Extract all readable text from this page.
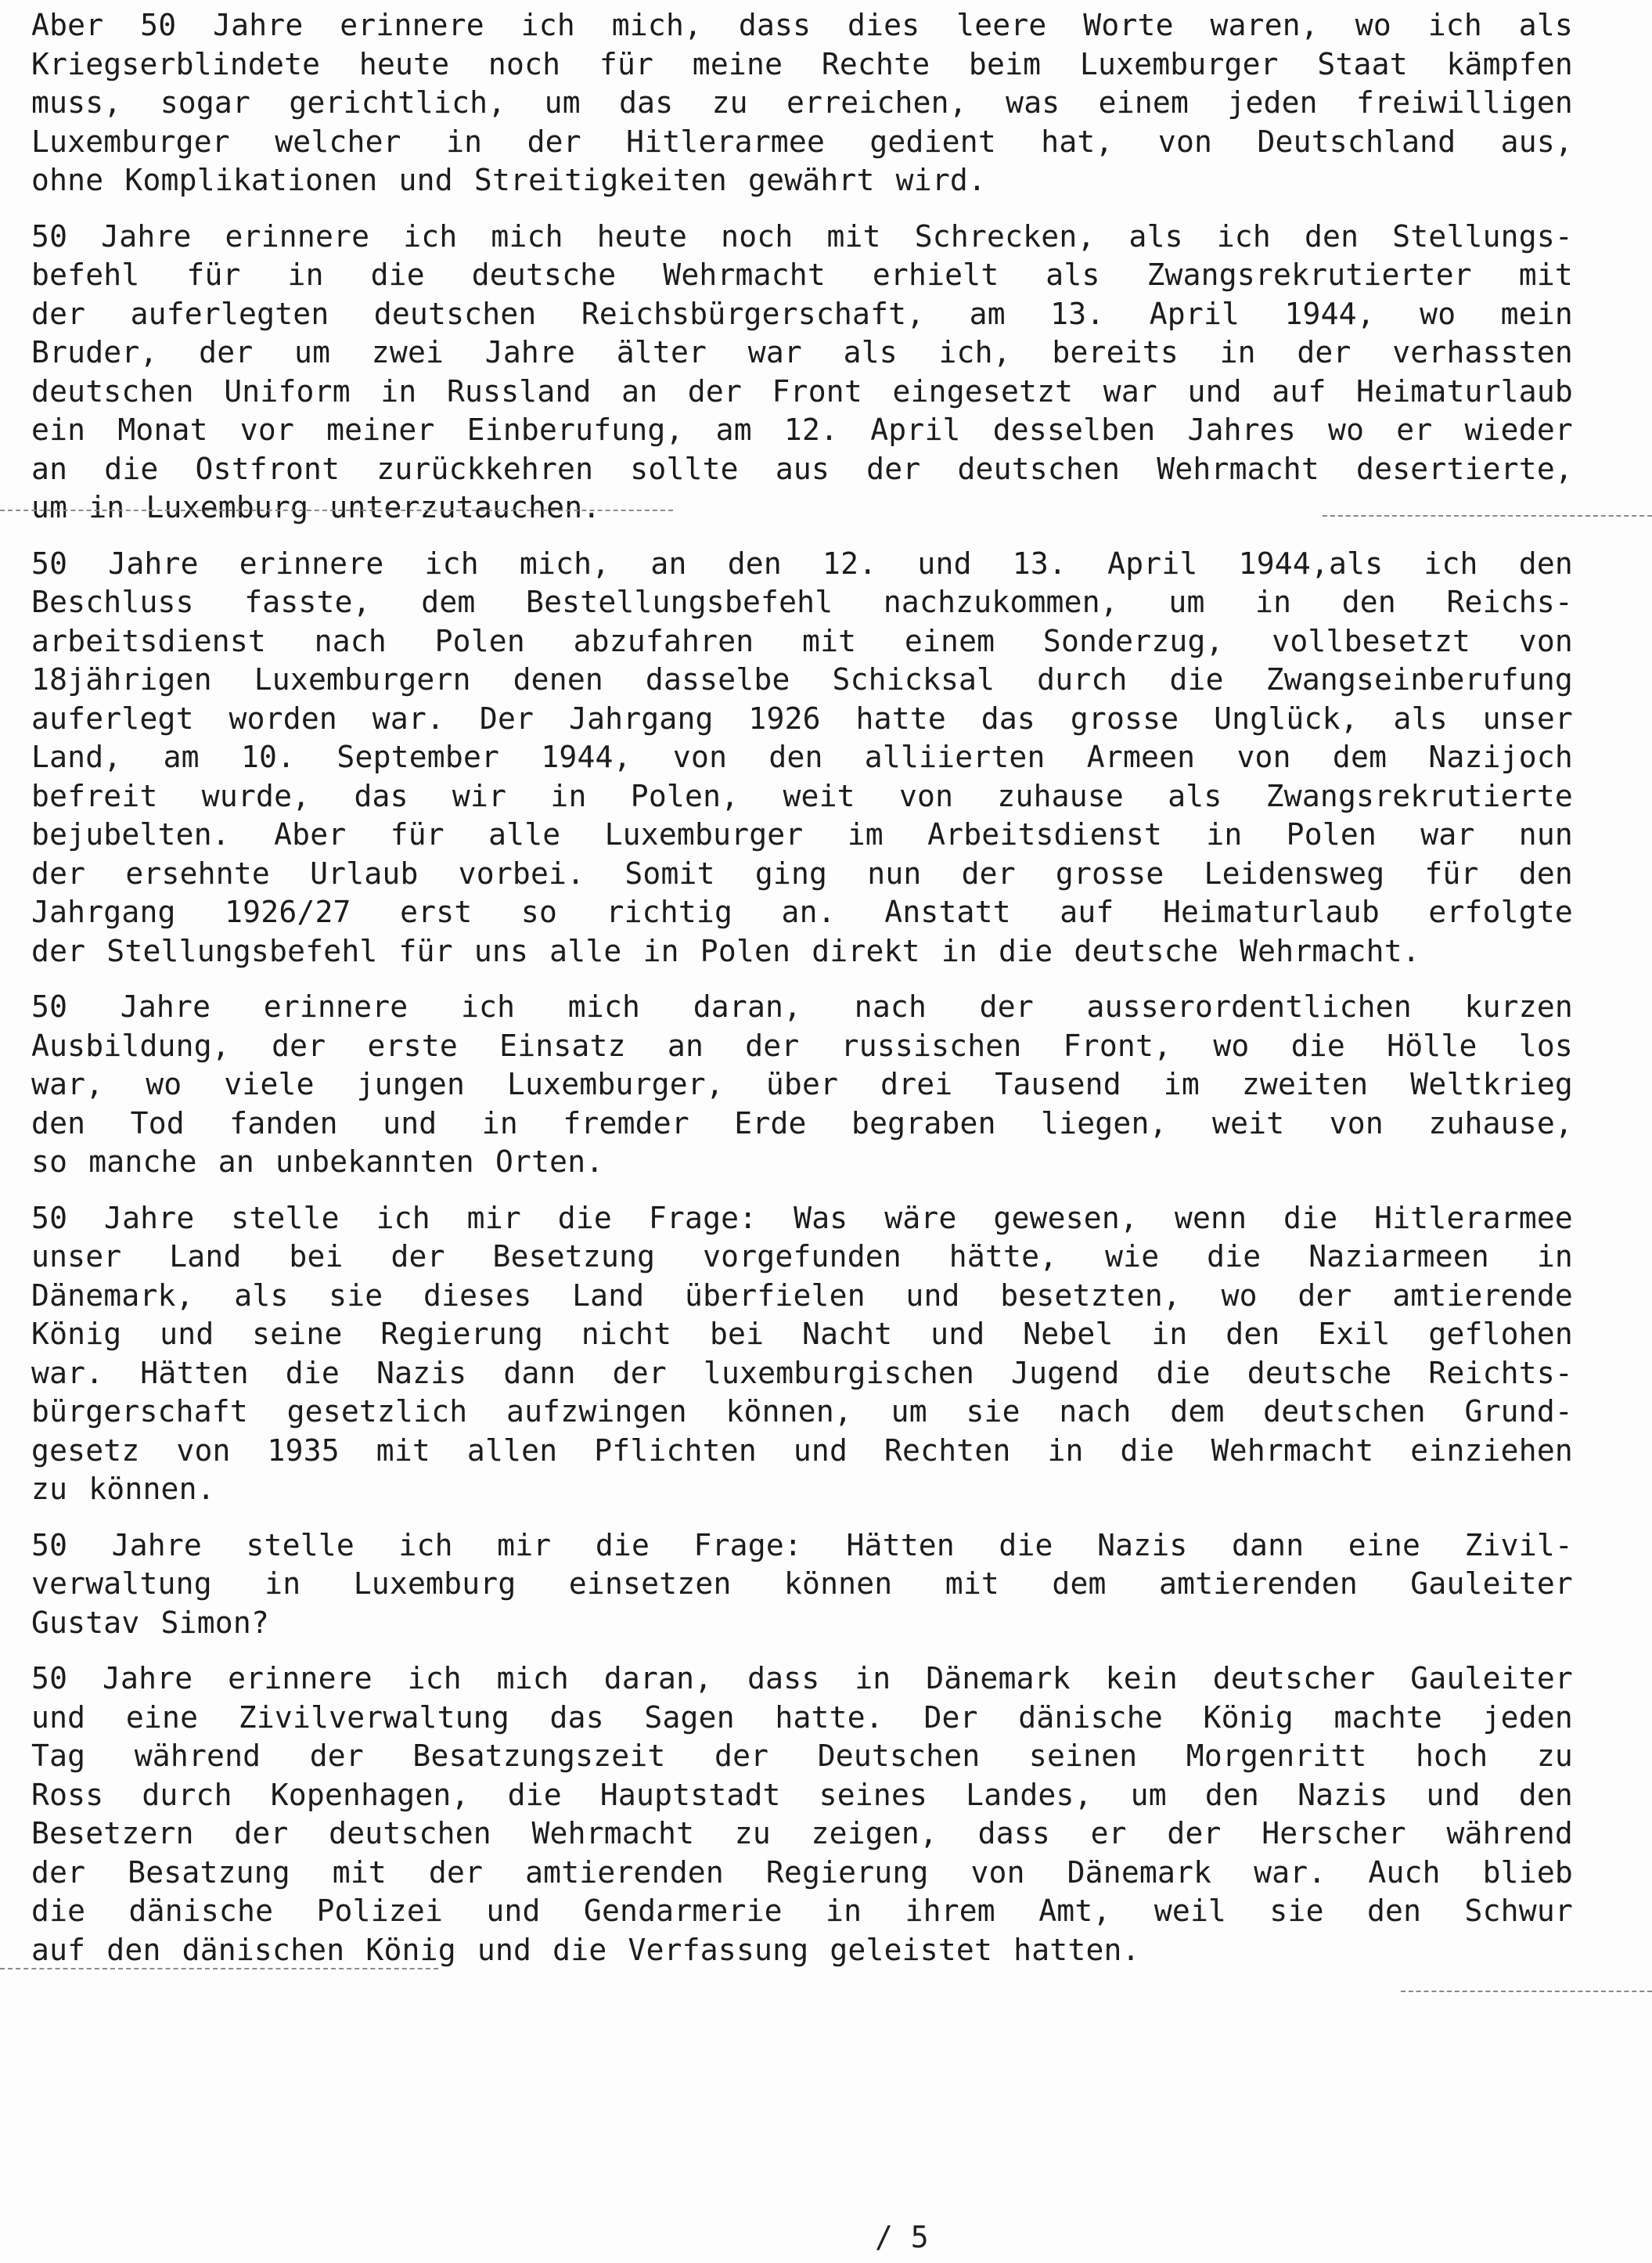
Aber 50 Jahre erinnere ich mich, dass dies leere Worte waren, wo ich als
Kriegserblindete heute noch für meine Rechte beim Luxemburger Staat kämpfen
muss, sogar gerichtlich, um das zu erreichen, was einem jeden freiwilligen
Luxemburger welcher in der Hitlerarmee gedient hat, von Deutschland aus,
ohne Komplikationen und Streitigkeiten gewährt wird.
50 Jahre erinnere ich mich heute noch mit Schrecken, als ich den Stellungs-
befehl für in die deutsche Wehrmacht erhielt als Zwangsrekrutierter mit
der auferlegten deutschen Reichsbürgerschaft, am 13. April 1944, wo mein
Bruder, der um zwei Jahre älter war als ich, bereits in der verhassten
deutschen Uniform in Russland an der Front eingesetzt war und auf Heimaturlaub
ein Monat vor meiner Einberufung, am 12. April desselben Jahres wo er wieder
an die Ostfront zurückkehren sollte aus der deutschen Wehrmacht desertierte,
um in Luxemburg unterzutauchen.
50 Jahre erinnere ich mich, an den 12. und 13. April 1944,als ich den
Beschluss fasste, dem Bestellungsbefehl nachzukommen, um in den Reichs-
arbeitsdienst nach Polen abzufahren mit einem Sonderzug, vollbesetzt von
18jährigen Luxemburgern denen dasselbe Schicksal durch die Zwangseinberufung
auferlegt worden war. Der Jahrgang 1926 hatte das grosse Unglück, als unser
Land, am 10. September 1944, von den alliierten Armeen von dem Nazijoch
befreit wurde, das wir in Polen, weit von zuhause als Zwangsrekrutierte
bejubelten. Aber für alle Luxemburger im Arbeitsdienst in Polen war nun
der ersehnte Urlaub vorbei. Somit ging nun der grosse Leidensweg für den
Jahrgang 1926/27 erst so richtig an. Anstatt auf Heimaturlaub erfolgte
der Stellungsbefehl für uns alle in Polen direkt in die deutsche Wehrmacht.
50 Jahre erinnere ich mich daran, nach der ausserordentlichen kurzen
Ausbildung, der erste Einsatz an der russischen Front, wo die Hölle los
war, wo viele jungen Luxemburger, über drei Tausend im zweiten Weltkrieg
den Tod fanden und in fremder Erde begraben liegen, weit von zuhause,
so manche an unbekannten Orten.
50 Jahre stelle ich mir die Frage: Was wäre gewesen, wenn die Hitlerarmee
unser Land bei der Besetzung vorgefunden hätte, wie die Naziarmeen in
Dänemark, als sie dieses Land überfielen und besetzten, wo der amtierende
König und seine Regierung nicht bei Nacht und Nebel in den Exil geflohen
war. Hätten die Nazis dann der luxemburgischen Jugend die deutsche Reichts-
bürgerschaft gesetzlich aufzwingen können, um sie nach dem deutschen Grund-
gesetz von 1935 mit allen Pflichten und Rechten in die Wehrmacht einziehen
zu können.
50 Jahre stelle ich mir die Frage: Hätten die Nazis dann eine Zivil-
verwaltung in Luxemburg einsetzen können mit dem amtierenden Gauleiter
Gustav Simon?
50 Jahre erinnere ich mich daran, dass in Dänemark kein deutscher Gauleiter
und eine Zivilverwaltung das Sagen hatte. Der dänische König machte jeden
Tag während der Besatzungszeit der Deutschen seinen Morgenritt hoch zu
Ross durch Kopenhagen, die Hauptstadt seines Landes, um den Nazis und den
Besetzern der deutschen Wehrmacht zu zeigen, dass er der Herscher während
der Besatzung mit der amtierenden Regierung von Dänemark war. Auch blieb
die dänische Polizei und Gendarmerie in ihrem Amt, weil sie den Schwur
auf den dänischen König und die Verfassung geleistet hatten.
/ 5
